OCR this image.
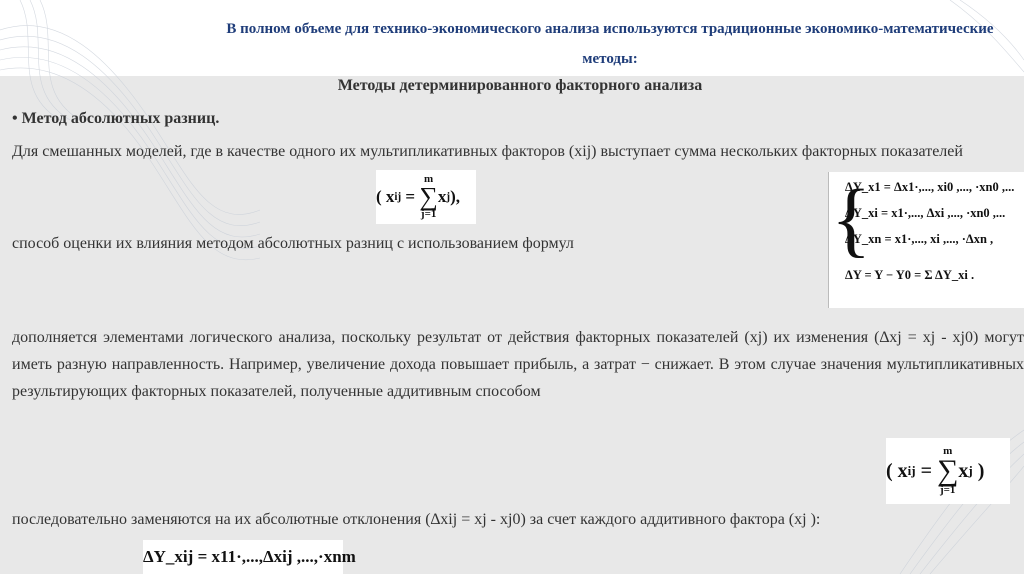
В полном объеме для технико-экономического анализа используются традиционные экономико-математические методы:
Методы детерминированного факторного анализа
• Метод абсолютных разниц.
Для смешанных моделей, где в качестве одного их мультипликативных факторов (xij) выступает сумма нескольких факторных показателей
( x ij
=

m
∑
j=1
x j ),
способ оценки их влияния методом абсолютных разниц с использованием формул	{
ΔY_x1 = Δx1·,..., xi0 ,..., ·xn0 ,...
ΔY_xi = x1·,..., Δxi ,..., ·xn0 ,...
ΔY_xn = x1·,..., xi ,..., ·Δxn ,
ΔY = Y − Y0 = Σ ΔY_xi .
дополняется элементами логического анализа, поскольку результат от действия факторных показателей (xj) их изменения (∆xj = xj - xj0) могут иметь разную направленность. Например, увеличение дохода повышает прибыль, а затрат − снижает. В этом случае значения мультипликативных результирующих факторных показателей, полученные аддитивным способом
( x ij
=

m
∑
j=1
x j )
последовательно заменяются на их абсолютные отклонения (∆xij = xj - xj0) за счет каждого аддитивного фактора (xj ):
ΔY_xij = x11·,...,Δxij ,...,·xnm
